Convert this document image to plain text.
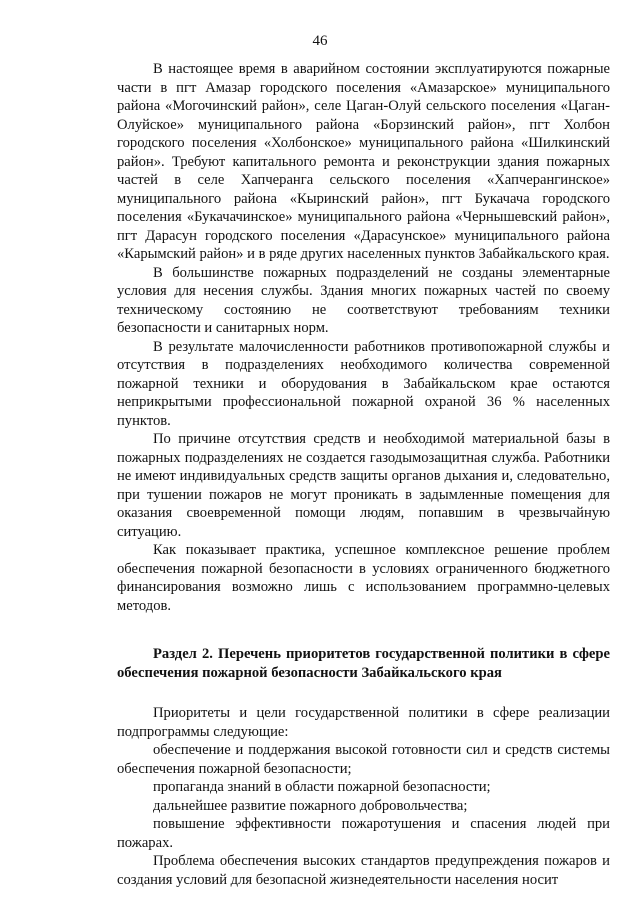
46

В настоящее время в аварийном состоянии эксплуатируются пожарные части в пгт Амазар городского поселения «Амазарское» муниципального района «Могочинский район», селе Цаган-Олуй сельского поселения «Цаган-Олуйское» муниципального района «Борзинский район», пгт Холбон городского поселения «Холбонское» муниципального района «Шилкинский район». Требуют капитального ремонта и реконструкции здания пожарных частей в селе Хапчеранга сельского поселения «Хапчерангинское» муниципального района «Кыринский район», пгт Букачача городского поселения «Букачачинское» муниципального района «Чернышевский район», пгт Дарасун городского поселения «Дарасунское» муниципального района «Карымский район» и в ряде других населенных пунктов Забайкальского края.

В большинстве пожарных подразделений не созданы элементарные условия для несения службы. Здания многих пожарных частей по своему техническому состоянию не соответствуют требованиям техники безопасности и санитарных норм.

В результате малочисленности работников противопожарной службы и отсутствия в подразделениях необходимого количества современной пожарной техники и оборудования в Забайкальском крае остаются неприкрытыми профессиональной пожарной охраной 36 % населенных пунктов.

По причине отсутствия средств и необходимой материальной базы в пожарных подразделениях не создается газодымозащитная служба. Работники не имеют индивидуальных средств защиты органов дыхания и, следовательно, при тушении пожаров не могут проникать в задымленные помещения для оказания своевременной помощи людям, попавшим в чрезвычайную ситуацию.

Как показывает практика, успешное комплексное решение проблем обеспечения пожарной безопасности в условиях ограниченного бюджетного финансирования возможно лишь с использованием программно-целевых методов.

Раздел 2. Перечень приоритетов государственной политики в сфере обеспечения пожарной безопасности Забайкальского края

Приоритеты и цели государственной политики в сфере реализации подпрограммы следующие:

обеспечение и поддержания высокой готовности сил и средств системы обеспечения пожарной безопасности;

пропаганда знаний в области пожарной безопасности;

дальнейшее развитие пожарного добровольчества;

повышение эффективности пожаротушения и спасения людей при пожарах.

Проблема обеспечения высоких стандартов предупреждения пожаров и создания условий для безопасной жизнедеятельности населения носит
